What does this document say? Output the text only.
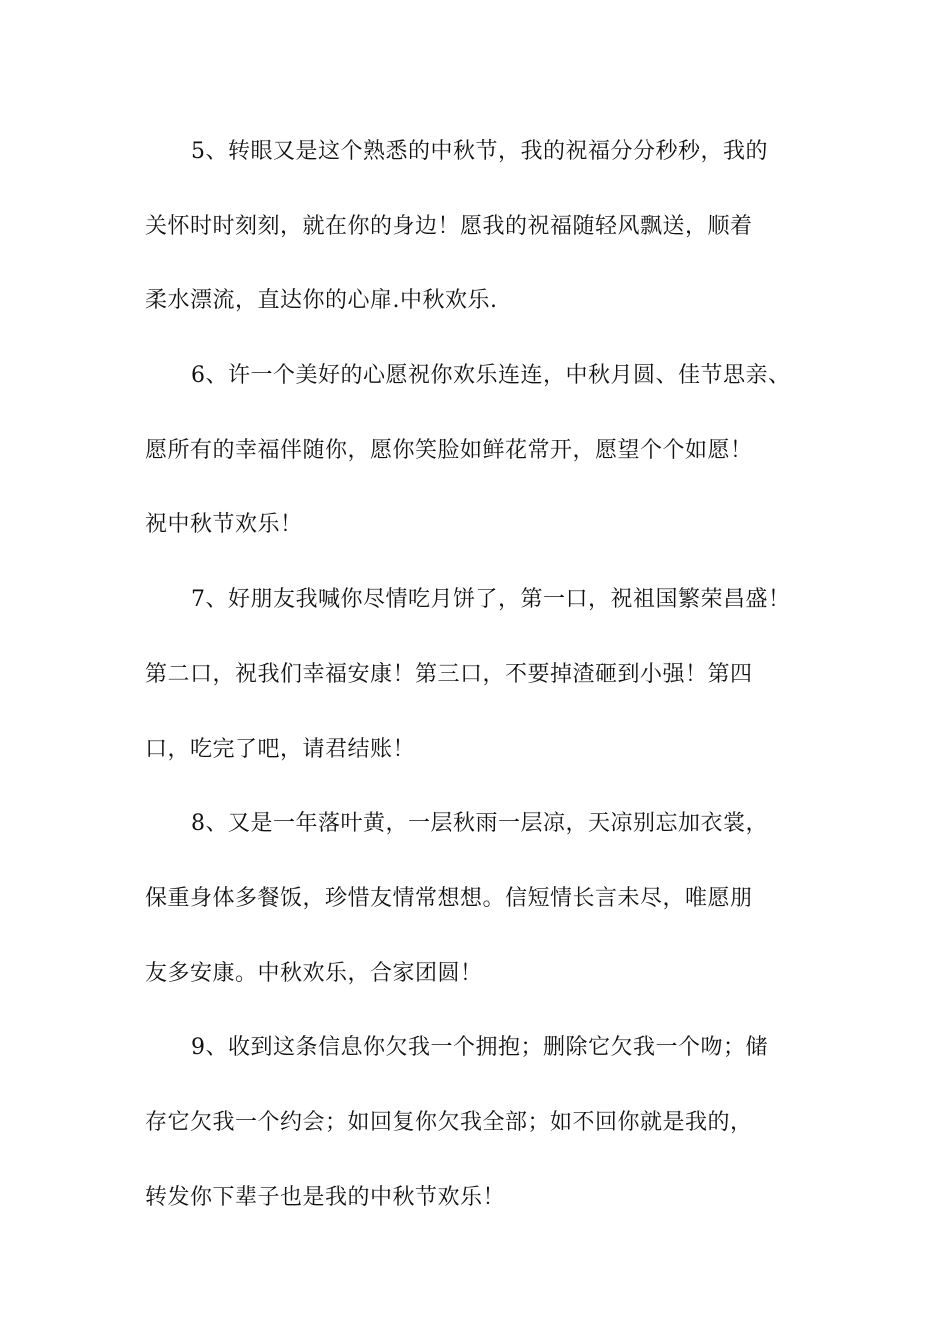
5、转眼又是这个熟悉的中秋节，我的祝福分分秒秒，我的
关怀时时刻刻，就在你的身边！愿我的祝福随轻风飘送，顺着
柔水漂流，直达你的心扉.中秋欢乐.
6、许一个美好的心愿祝你欢乐连连，中秋月圆、佳节思亲、
愿所有的幸福伴随你，愿你笑脸如鲜花常开，愿望个个如愿！
祝中秋节欢乐！
7、好朋友我喊你尽情吃月饼了，第一口，祝祖国繁荣昌盛！
第二口，祝我们幸福安康！第三口，不要掉渣砸到小强！第四
口，吃完了吧，请君结账！
8、又是一年落叶黄，一层秋雨一层凉，天凉别忘加衣裳，
保重身体多餐饭，珍惜友情常想想。信短情长言未尽，唯愿朋
友多安康。中秋欢乐，合家团圆！
9、收到这条信息你欠我一个拥抱；删除它欠我一个吻；储
存它欠我一个约会；如回复你欠我全部；如不回你就是我的，
转发你下辈子也是我的中秋节欢乐！
